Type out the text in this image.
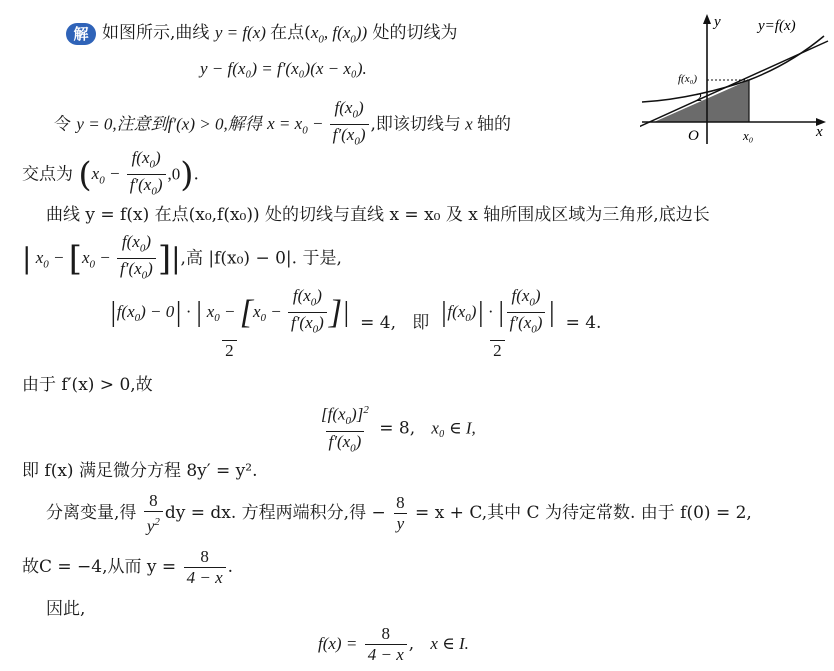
y y=f(x)
f(x₀)
2
O	x₀	x
解 如图所示,曲线 y = f(x) 在点($x_0$, $f(x_0)$) 处的切线为
y − f(x₀) = f′(x₀)(x − x₀).
令 y = 0,注意到f′(x) > 0,解得 $x = x_0 - \frac{f(x_0)}{f'(x_0)}$ ,即该切线与 x 轴的
交点为 $(x_0 - \frac{f(x_0)}{f'(x_0)} ,0)$.
曲线 y = f(x) 在点(x₀,f(x₀)) 处的切线与直线 x = x₀ 及 x 轴所围成区域为三角形,底边长
| $x_0 - [x_0 - \frac{f(x_0)}{f'(x_0)}$ ]|,高 |f(x₀) − 0|. 于是,
$\frac{|f(x_0) - 0| \cdot | x_0 - [x_0 - \frac{f(x_0)}{f'(x_0)} ]|}{2} = 4$, 即 $\frac{|f(x_0)| \cdot | \frac{f(x_0)}{f'(x_0)} |}{2} = 4$.
由于 f′(x) > 0,故
$\frac{[f(x_0)]^2}{f'(x_0)} = 8$, x₀ ∈ I,
即 f(x) 满足微分方程 8y′ = y².
分离变量,得 $\frac{8}{y^2}$ dy = dx. 方程两端积分,得 − $\frac{8}{y} = x + C$,其中 C 为待定常数. 由于 f(0) = 2,
故C = −4,从而 $y = \frac{8}{4 - x}$ .
因此,
$f(x) = \frac{8}{4 - x}$ ,   x ∈ I.
